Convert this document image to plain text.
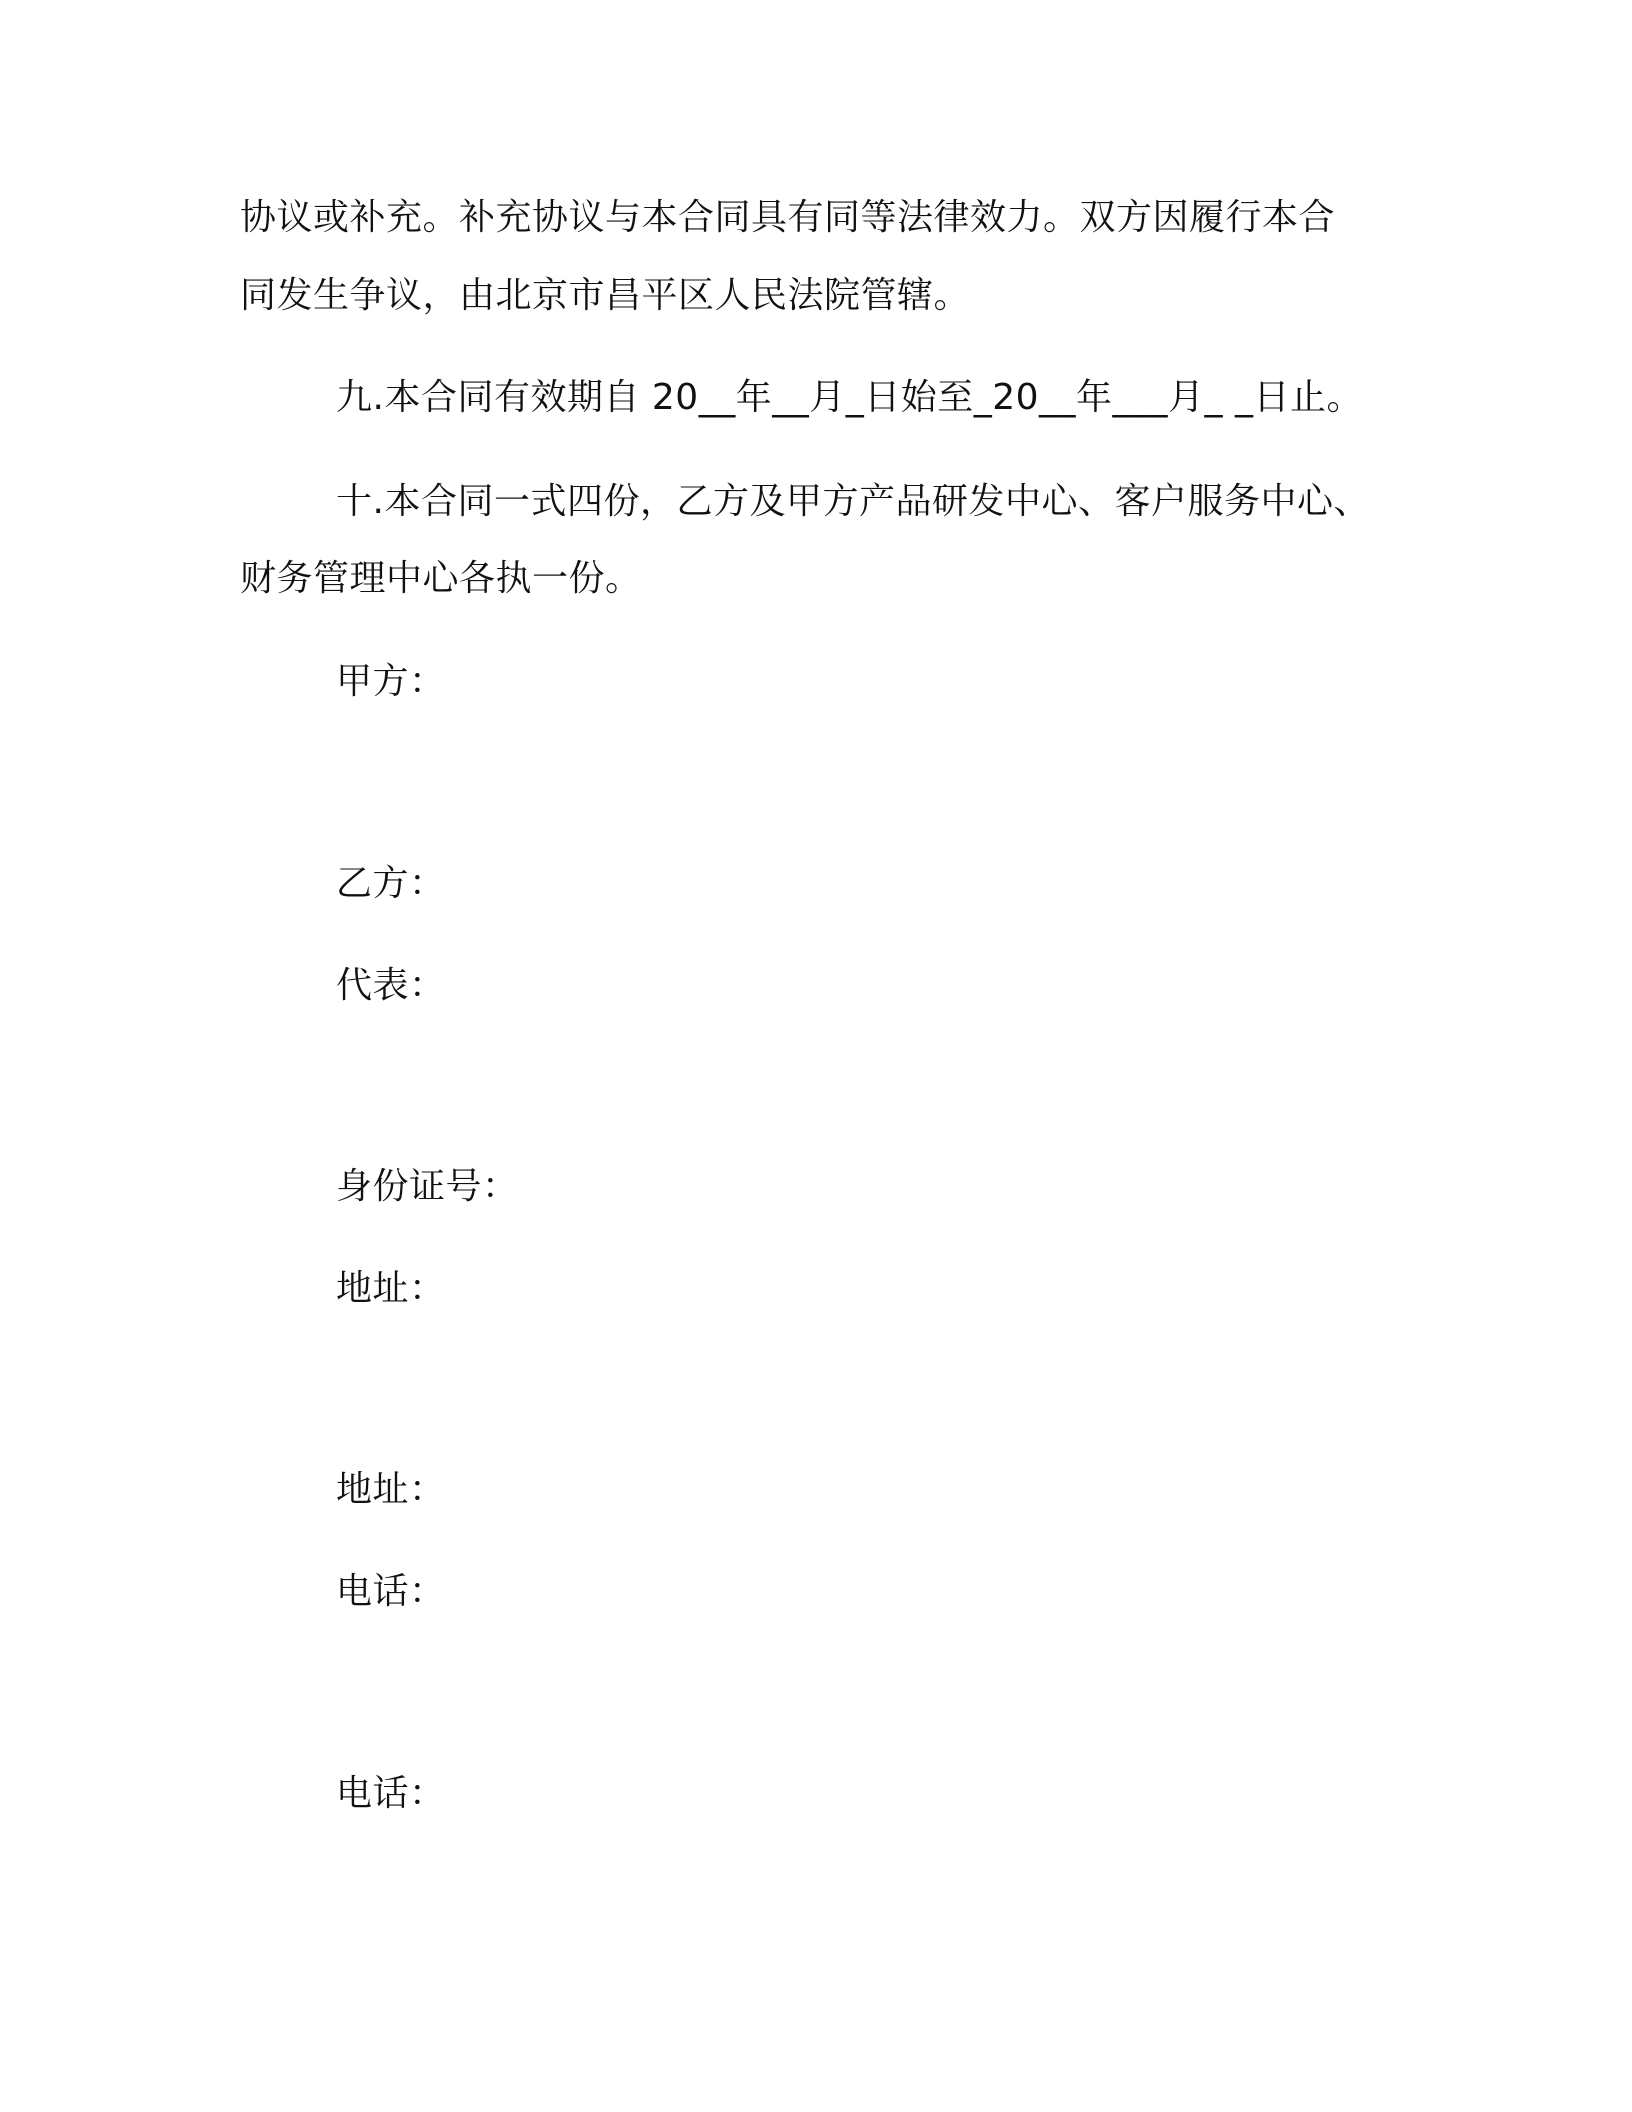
协议或补充。补充协议与本合同具有同等法律效力。双方因履行本合
同发生争议，由北京市昌平区人民法院管辖。
九.本合同有效期自 20__年__月_日始至_20__年___月_ _日止。
十.本合同一式四份，乙方及甲方产品研发中心、客户服务中心、
财务管理中心各执一份。
甲方：
乙方：
代表：
身份证号：
地址：
地址：
电话：
电话：
